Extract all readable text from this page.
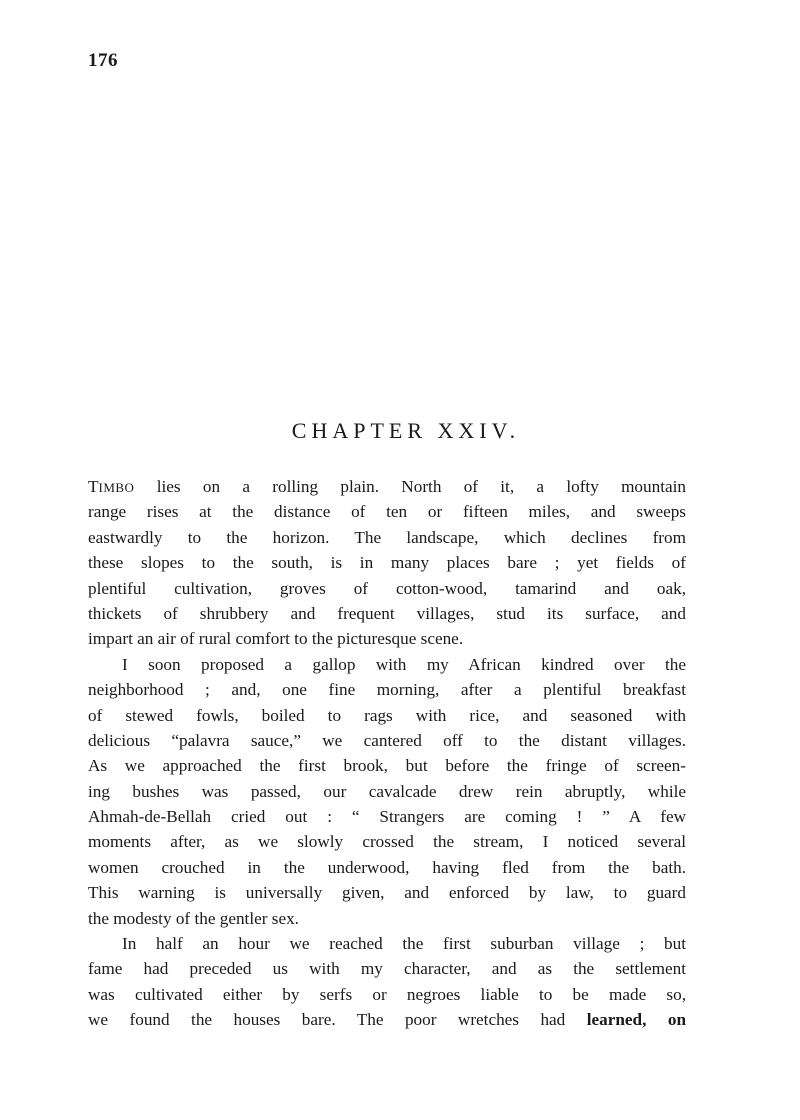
176
CHAPTER XXIV.
TIMBO lies on a rolling plain. North of it, a lofty mountain
range rises at the distance of ten or fifteen miles, and sweeps
eastwardly to the horizon. The landscape, which declines from
these slopes to the south, is in many places bare ; yet fields of
plentiful cultivation, groves of cotton-wood, tamarind and oak,
thickets of shrubbery and frequent villages, stud its surface, and
impart an air of rural comfort to the picturesque scene.
I soon proposed a gallop with my African kindred over the
neighborhood ; and, one fine morning, after a plentiful breakfast
of stewed fowls, boiled to rags with rice, and seasoned with
delicious “palavra sauce,” we cantered off to the distant villages.
As we approached the first brook, but before the fringe of screen-
ing bushes was passed, our cavalcade drew rein abruptly, while
Ahmah-de-Bellah cried out : “ Strangers are coming ! ” A few
moments after, as we slowly crossed the stream, I noticed several
women crouched in the underwood, having fled from the bath.
This warning is universally given, and enforced by law, to guard
the modesty of the gentler sex.
In half an hour we reached the first suburban village ; but
fame had preceded us with my character, and as the settlement
was cultivated either by serfs or negroes liable to be made so,
we found the houses bare. The poor wretches had learned, on
